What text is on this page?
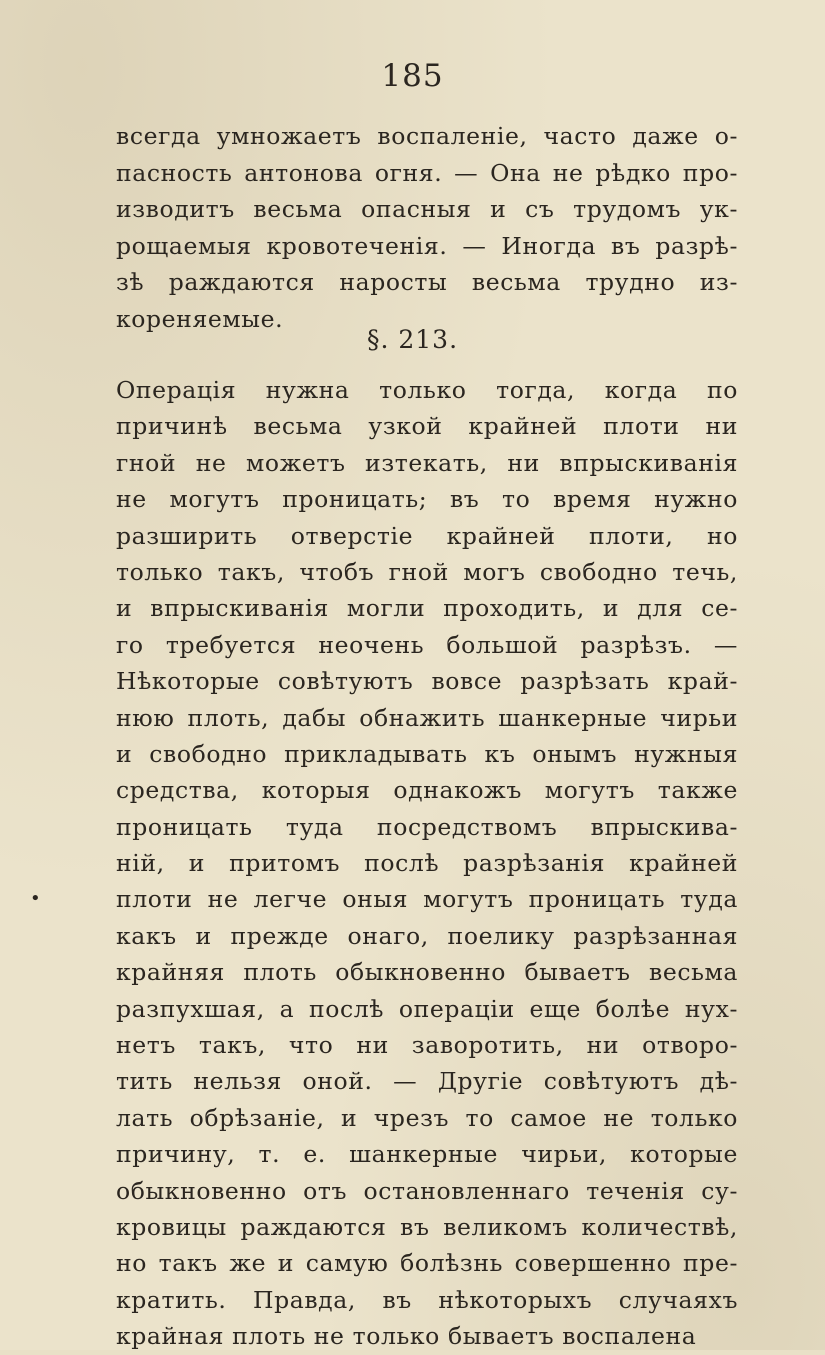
185
всегда умножаетъ воспаленіе, часто даже о-
пасность антонова огня. — Она не рѣдко про-
изводитъ весьма опасныя и съ трудомъ ук-
рощаемыя кровотеченія. — Иногда въ разрѣ-
зѣ раждаются наросты весьма трудно из-
кореняемые.
§. 213.
Операція нужна только тогда, когда по
причинѣ весьма узкой крайней плоти ни
гной не можетъ изтекать, ни впрыскиванія
не могутъ проницать; въ то время нужно
разширить отверстіе крайней плоти, но
только такъ, чтобъ гной могъ свободно течь,
и впрыскиванія могли проходить, и для се-
го требуется неочень большой разрѣзъ. —
Нѣкоторые совѣтуютъ вовсе разрѣзать край-
нюю плоть, дабы обнажить шанкерные чирьи
и свободно прикладывать къ онымъ нужныя
средства, которыя однакожъ могутъ также
проницать туда посредствомъ впрыскива-
ній, и притомъ послѣ разрѣзанія крайней
плоти не легче оныя могутъ проницать туда
какъ и прежде онаго, поелику разрѣзанная
крайняя плоть обыкновенно бываетъ весьма
разпухшая, а послѣ операціи еще болѣе нух-
нетъ такъ, что ни заворотить, ни отворо-
тить нельзя оной. — Другіе совѣтуютъ дѣ-
лать обрѣзаніе, и чрезъ то самое не только
причину, т. е. шанкерные чирьи, которые
обыкновенно отъ остановленнаго теченія су-
кровицы раждаются въ великомъ количествѣ,
но такъ же и самую болѣзнь совершенно пре-
кратить. Правда, въ нѣкоторыхъ случаяхъ
крайная плоть не только бываетъ воспалена
•
